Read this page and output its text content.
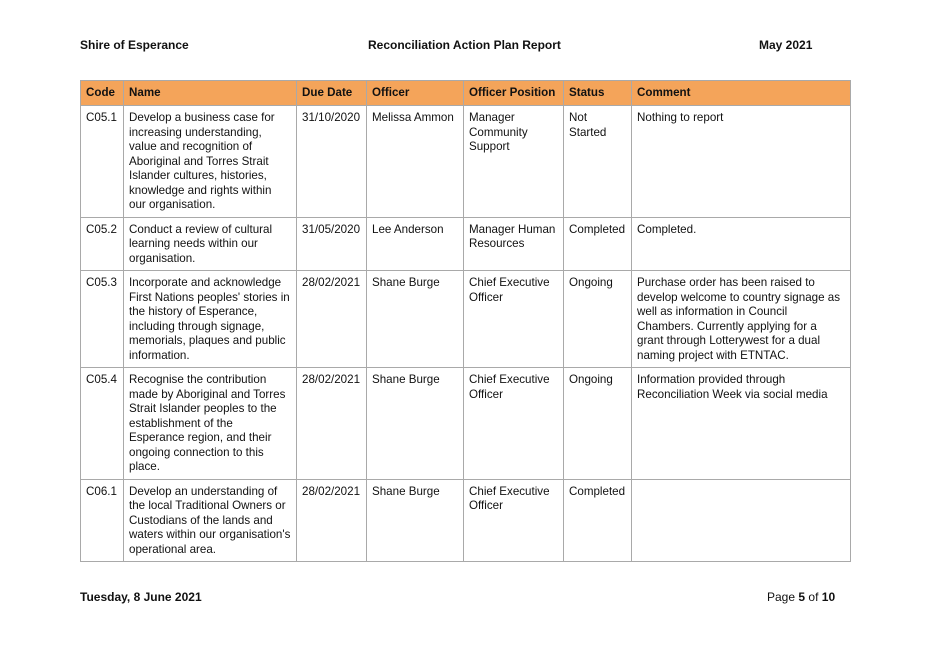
Shire of Esperance	Reconciliation Action Plan Report	May 2021
Code	Name	Due Date	Officer	Officer Position	Status	Comment
C05.1	Develop a business case for increasing understanding, value and recognition of Aboriginal and Torres Strait Islander cultures, histories, knowledge and rights within our organisation.	31/10/2020	Melissa Ammon	Manager Community Support	Not Started	Nothing to report
C05.2	Conduct a review of cultural learning needs within our organisation.	31/05/2020	Lee Anderson	Manager Human Resources	Completed	Completed.
C05.3	Incorporate and acknowledge First Nations peoples' stories in the history of Esperance, including through signage, memorials, plaques and public information.	28/02/2021	Shane Burge	Chief Executive Officer	Ongoing	Purchase order has been raised to develop welcome to country signage as well as information in Council Chambers. Currently applying for a grant through Lotterywest for a dual naming project with ETNTAC.
C05.4	Recognise the contribution made by Aboriginal and Torres Strait Islander peoples to the establishment of the Esperance region, and their ongoing connection to this place.	28/02/2021	Shane Burge	Chief Executive Officer	Ongoing	Information provided through Reconciliation Week via social media
C06.1	Develop an understanding of the local Traditional Owners or Custodians of the lands and waters within our organisation's operational area.	28/02/2021	Shane Burge	Chief Executive Officer	Completed	
Tuesday, 8 June 2021	Page 5 of 10
